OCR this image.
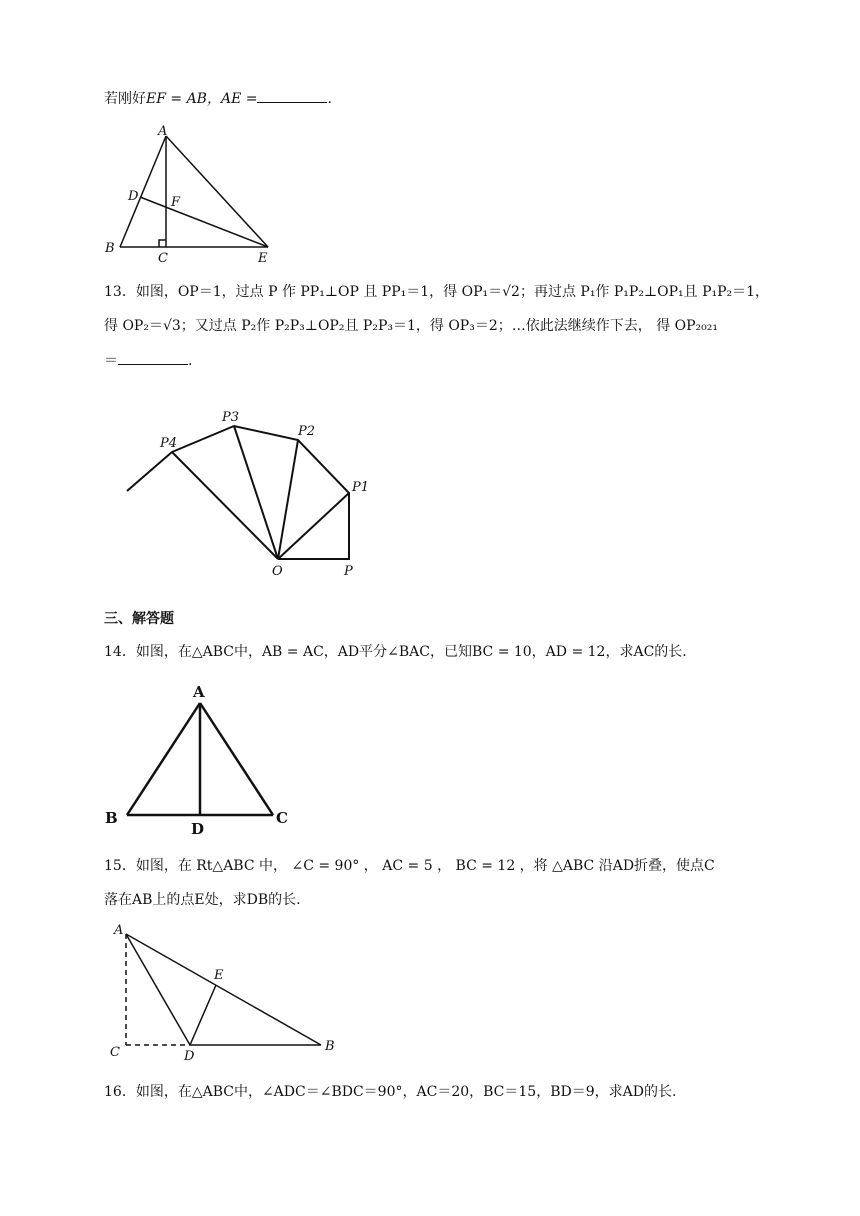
若刚好EF = AB，AE =	.
A
D	F
B
C	E
13．如图，OP＝1，过点 P 作 PP₁⊥OP 且 PP₁＝1，得 OP₁＝√2；再过点 P₁作 P₁P₂⊥OP₁且 P₁P₂＝1，
得 OP₂＝√3；又过点 P₂作 P₂P₃⊥OP₂且 P₂P₃＝1，得 OP₃＝2；…依此法继续作下去， 得 OP₂₀₂₁
＝	.
P4
P3
P2
P1
O	P
三、解答题
14．如图，在△ABC中，AB = AC，AD平分∠BAC，已知BC = 10，AD = 12，求AC的长.
A
B
D
C
15．如图，在 Rt△ABC 中， ∠C = 90° ， AC = 5 ， BC = 12 ，将 △ABC 沿AD折叠，使点C
落在AB上的点E处，求DB的长.
A
E
C	D
B
16．如图，在△ABC中，∠ADC＝∠BDC＝90°，AC＝20，BC＝15，BD＝9，求AD的长.
